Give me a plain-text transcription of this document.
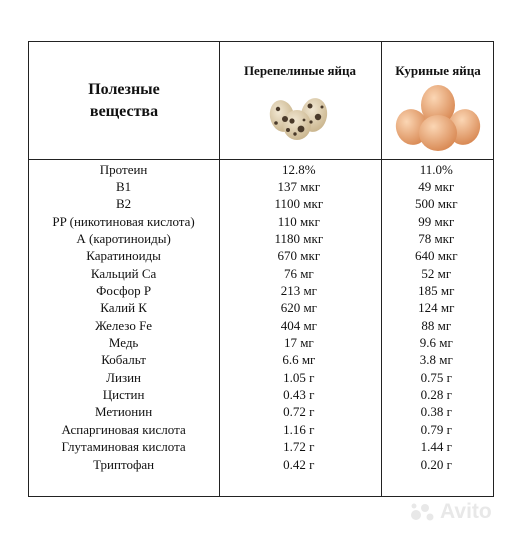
Полезные
вещества
Перепелиные яйца	Куриные яйца
Протеин	12.8%	11.0%
B1	137 мкг	49 мкг
B2	1100 мкг	500 мкг
PP (никотиновая кислота)	110 мкг	99 мкг
А (каротиноиды)	1180 мкг	78 мкг
Каратиноиды	670 мкг	640 мкг
Кальций Са	76 мг	52 мг
Фосфор Р	213 мг	185 мг
Калий К	620 мг	124 мг
Железо Fe	404 мг	88 мг
Медь	17 мг	9.6 мг
Кобальт	6.6 мг	3.8 мг
Лизин	1.05 г	0.75 г
Цистин	0.43 г	0.28 г
Метионин	0.72 г	0.38 г
Аспаргиновая кислота	1.16 г	0.79 г
Глутаминовая кислота	1.72 г	1.44 г
Триптофан	0.42 г	0.20 г
Avito
